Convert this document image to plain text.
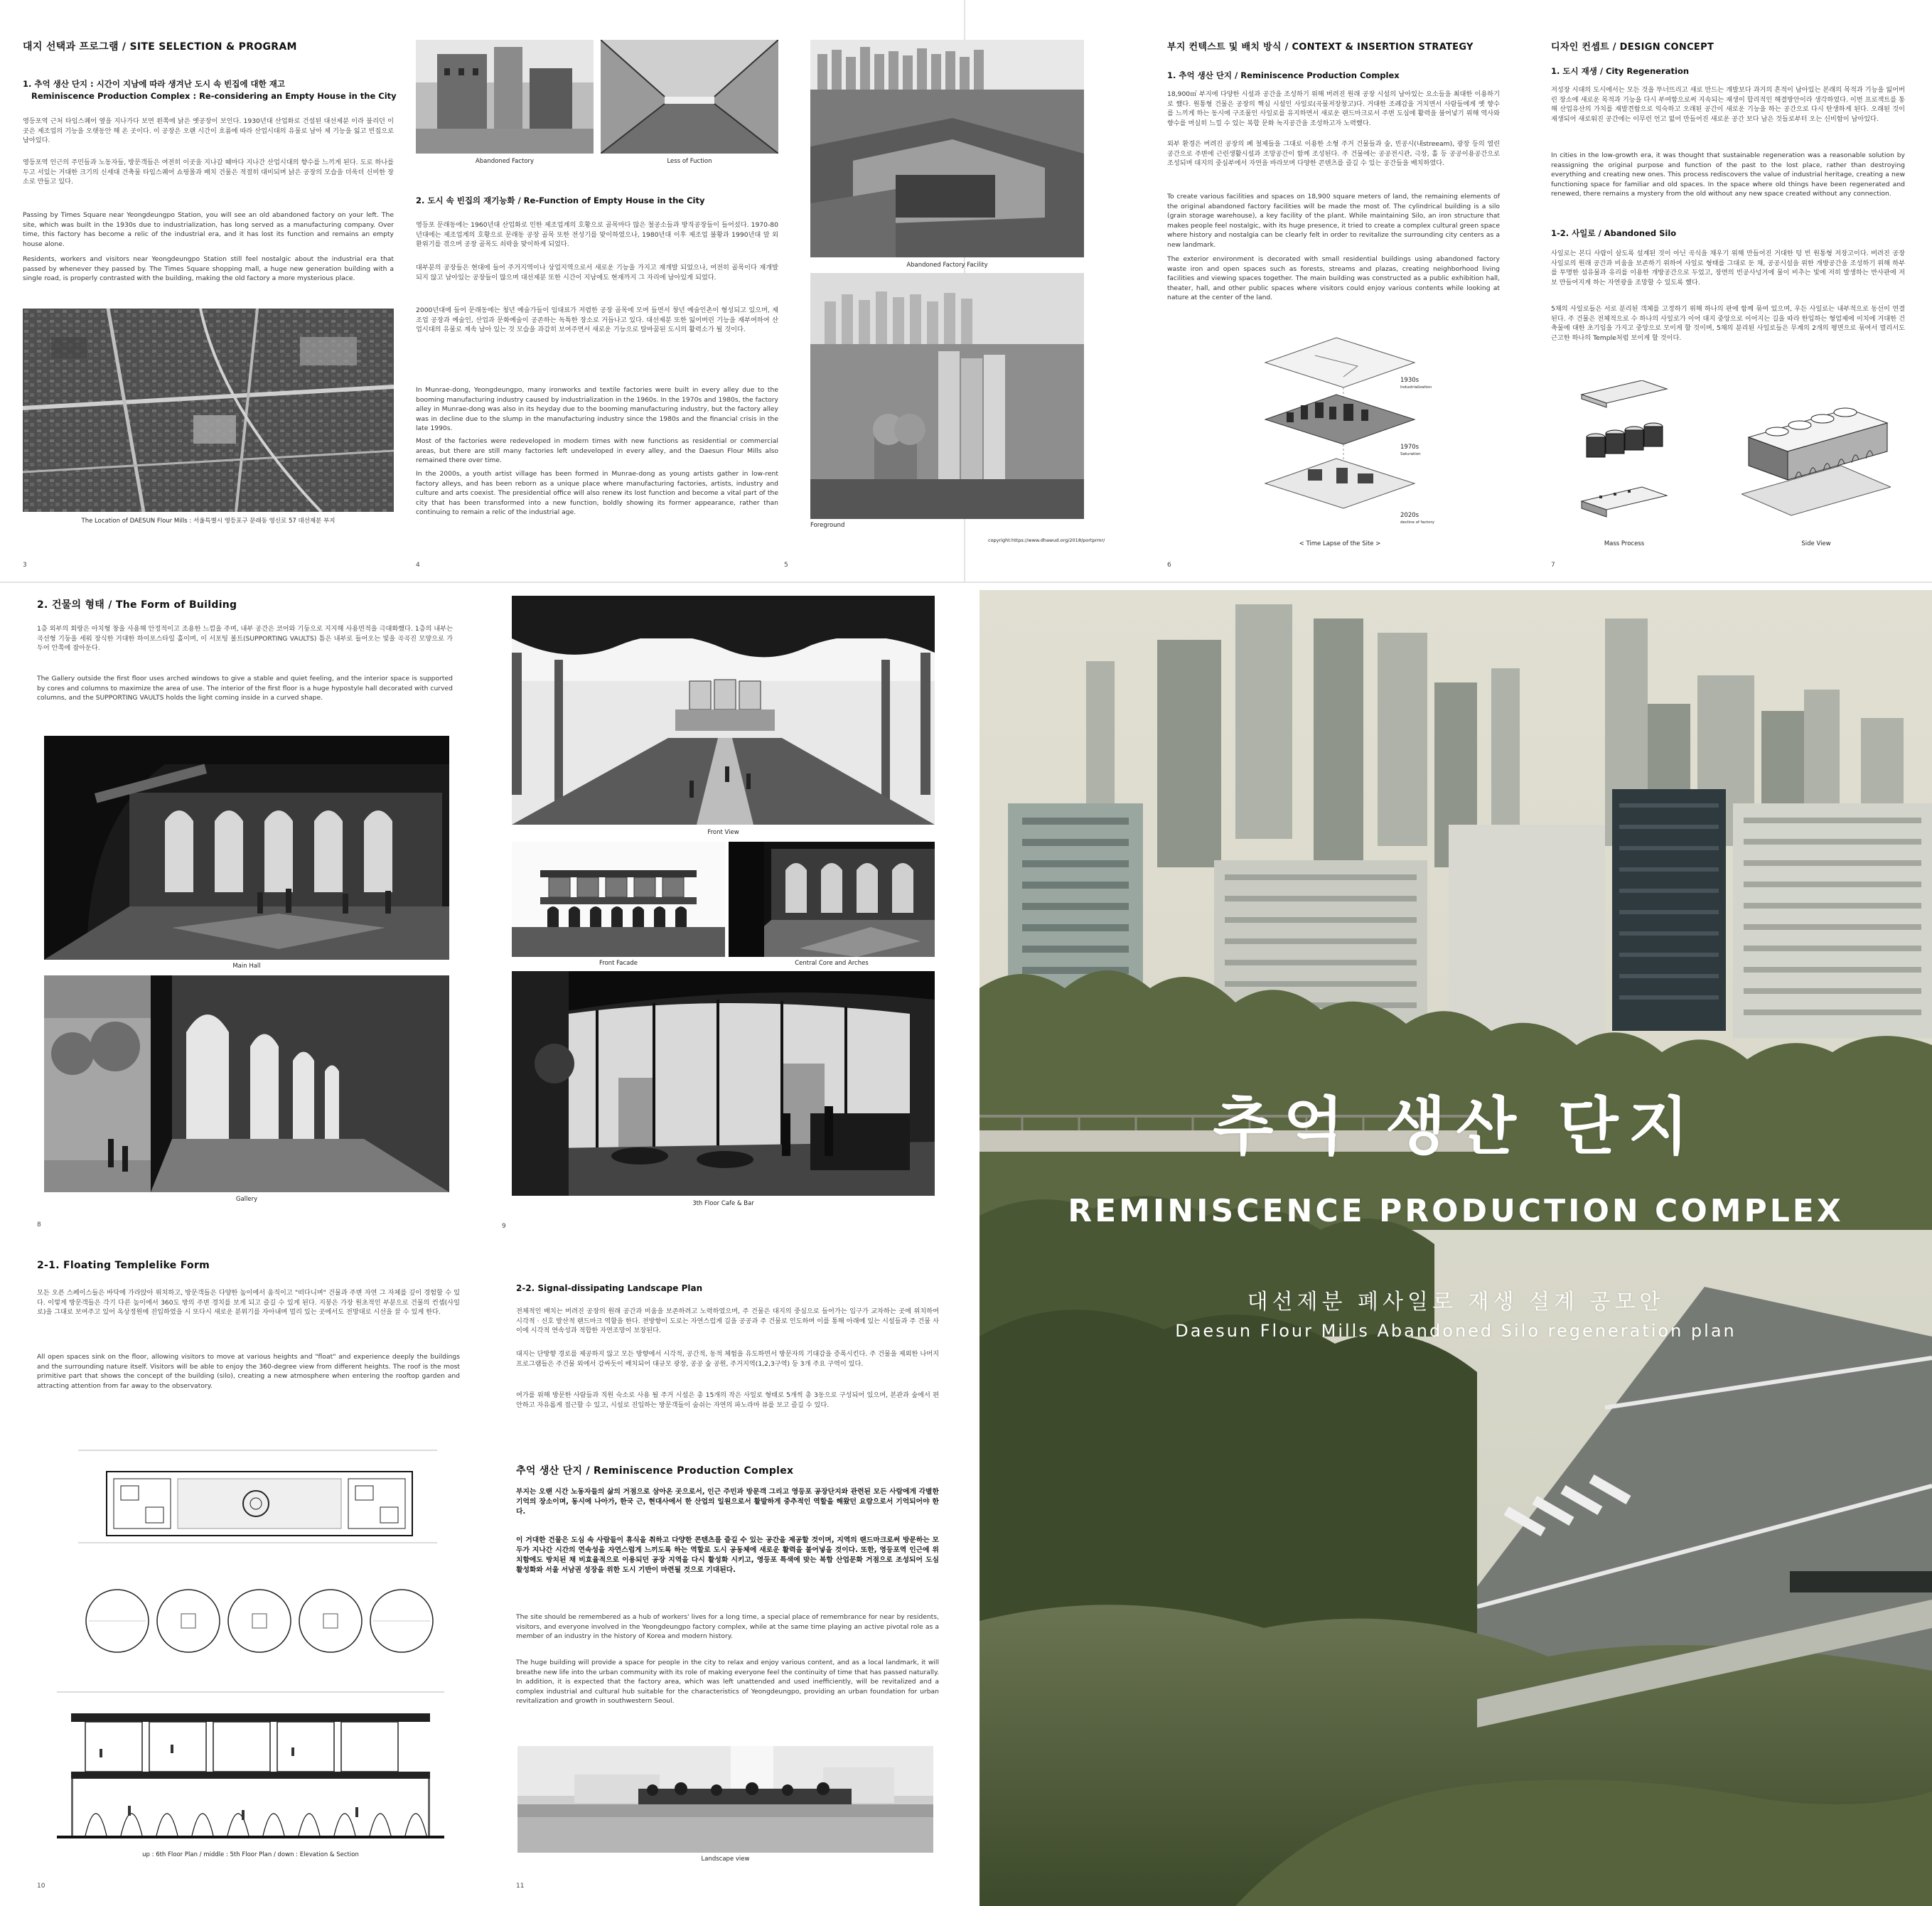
대지 선택과 프로그램 / SITE SELECTION & PROGRAM
1. 추억 생산 단지 : 시간이 지남에 따라 생겨난 도시 속 빈집에 대한 재고
Reminiscence Production Complex : Re-considering an Empty House in the City
영등포역 근처 타임스퀘어 옆을 지나가다 보면 왼쪽에 낡은 옛공장이 보인다. 1930년대 산업화로 건설된 대선제분 이라 불리던 이곳은 제조업의 기능을 오랫동안 해 온 곳이다. 이 공장은 오랜 시간이 흐름에 따라 산업시대의 유물로 남아 제 기능을 잃고 빈집으로 남아있다.
영등포역 인근의 주민들과 노동자들, 방문객들은 여전히 이곳을 지나갈 때마다 지나간 산업시대의 향수를 느끼게 된다. 도로 하나를 두고 서있는 거대한 크기의 신세대 건축물 타임스퀘어 쇼핑몰과 배치 건물은 적절히 대비되며 낡은 공장의 모습을 더욱더 신비한 장소로 만들고 있다.
Passing by Times Square near Yeongdeungpo Station, you will see an old abandoned factory on your left. The site, which was built in the 1930s due to industrialization, has long served as a manufacturing company. Over time, this factory has become a relic of the industrial era, and it has lost its function and remains an empty house alone.
Residents, workers and visitors near Yeongdeungpo Station still feel nostalgic about the industrial era that passed by whenever they passed by. The Times Square shopping mall, a huge new generation building with a single road, is properly contrasted with the building, making the old factory a more mysterious place.
The Location of DAESUN Flour Mills : 서울특별시 영등포구 문래동 영신로 57 대선제분 부지
3
Abandoned Factory	Less of Fuction
2. 도시 속 빈집의 재기능화 / Re-Function of Empty House in the City
영등포 문래동에는 1960년대 산업화로 인한 제조업계의 호황으로 골목마다 많은 철공소들과 방직공장들이 들어섰다. 1970-80년대에는 제조업계의 호황으로 문래동 공장 골목 또한 전성기를 맞이하였으나, 1980년대 이후 제조업 불황과 1990년대 말 외환위기를 겪으며 공장 골목도 쇠락을 맞이하게 되었다.
대부분의 공장들은 현대에 들어 주거지역이나 상업지역으로서 새로운 기능을 가지고 재개발 되었으나, 여전히 골목이다 재개발되지 않고 남아있는 공장들이 많으며 대선제분 또한 시간이 지남에도 현재까지 그 자리에 남아있게 되었다.
2000년대에 들어 문래동에는 청년 예술가들이 임대료가 저렴한 공장 골목에 모여 들면서 창년 예술인촌이 형성되고 있으며, 제조업 공장과 예술인, 산업과 문화예술이 공존하는 독특한 장소로 거듭나고 있다. 대선제분 또한 잃어버린 기능을 재부여하여 산업시대의 유물로 계속 남아 있는 것 모습을 과감히 보여주면서 새로운 기능으로 탈바꿈된 도시의 활력소가 될 것이다.
In Munrae-dong, Yeongdeungpo, many ironworks and textile factories were built in every alley due to the booming manufacturing industry caused by industrialization in the 1960s. In the 1970s and 1980s, the factory alley in Munrae-dong was also in its heyday due to the booming manufacturing industry, but the factory alley was in decline due to the slump in the manufacturing industry since the 1980s and the financial crisis in the late 1990s.
Most of the factories were redeveloped in modern times with new functions as residential or commercial areas, but there are still many factories left undeveloped in every alley, and the Daesun Flour Mills also remained there over time.
In the 2000s, a youth artist village has been formed in Munrae-dong as young artists gather in low-rent factory alleys, and has been reborn as a unique place where manufacturing factories, artists, industry and culture and arts coexist. The presidential office will also renew its lost function and become a vital part of the city that has been transformed into a new function, boldly showing its former appearance, rather than continuing to remain a relic of the industrial age.
4
Abandoned Factory Facility
Foreground
copyright:https://www.dhawud.org/2018/portprmr/
5
부지 컨텍스트 및 배치 방식 / CONTEXT & INSERTION STRATEGY
1. 추억 생산 단지 / Reminiscence Production Complex
18,900㎡ 부지에 다양한 시설과 공간을 조성하기 위해 버려진 원래 공장 시설의 남아있는 요소들을 최대한 이용하기로 했다. 원통형 건물은 공장의 핵심 시설인 사일로(곡물저장창고)다. 거대한 조례감을 거치면서 사람들에게 옛 향수를 느끼게 하는 동시에 구조물인 사일로를 유지하면서 새로운 랜드마크로서 주변 도심에 활력을 불어넣기 위해 역사와 향수를 머실히 느낄 수 있는 복합 문화 녹지공간을 조성하고자 노력했다.
외부 환경은 버려진 공장의 폐 철제들을 그대로 이용한 소형 주거 건물들과 숲, 빈공시(내streeam), 광장 등의 열린 공간으로 주변에 근린생활시설과 조망공간이 함께 조성된다. 주 건물에는 공공전시관, 극장, 홀 등 공공이용공간으로 조성되며 대지의 중심부에서 자연을 바라보며 다양한 콘텐츠를 즐길 수 있는 공간들을 배치하였다.
To create various facilities and spaces on 18,900 square meters of land, the remaining elements of the original abandoned factory facilities will be made the most of. The cylindrical building is a silo (grain storage warehouse), a key facility of the plant. While maintaining Silo, an iron structure that makes people feel nostalgic, with its huge presence, it tried to create a complex cultural green space where history and nostalgia can be clearly felt in order to revitalize the surrounding city centers as a new landmark.
The exterior environment is decorated with small residential buildings using abandoned factory waste iron and open spaces such as forests, streams and plazas, creating neighborhood living facilities and viewing spaces together. The main building was constructed as a public exhibition hall, theater, hall, and other public spaces where visitors could enjoy various contents while looking at nature at the center of the land.
1930s
Industrialization
1970s
Saturation
2020s
decline of factory
< Time Lapse of the Site >
6
디자인 컨셉트 / DESIGN CONCEPT
1. 도시 재생 / City Regeneration
저성장 시대의 도시에서는 모든 것을 뚜너뜨리고 새로 만드는 개발보다 과거의 흔적이 남아있는 본래의 목적과 기능을 잃어버린 장소에 새로운 목적과 기능을 다시 부여함으로써 지속되는 재생이 합리적인 해결방안이라 생각하였다. 이번 프로젝트를 통해 산업유산의 가치를 재발견함으로 익숙하고 오래된 공간이 새로운 기능을 하는 공간으로 다시 탄생하게 된다. 오래된 것이 재생되어 새로워진 공간에는 이무런 언고 없어 만들어진 새로운 공간 보다 남은 것들로부터 오는 신비함이 남아있다.
In cities in the low-growth era, it was thought that sustainable regeneration was a reasonable solution by reassigning the original purpose and function of the past to the lost place, rather than destroying everything and creating new ones. This process rediscovers the value of industrial heritage, creating a new functioning space for familiar and old spaces. In the space where old things have been regenerated and renewed, there remains a mystery from the old without any new space created without any connection.
1-2. 사일로 / Abandoned Silo
사일로는 본디 사람이 살도록 설계된 것이 아닌 곡식을 채우기 위해 만들어진 거대한 텅 빈 원통형 저장고이다. 버려진 공장 사일로의 원래 공간과 비움을 보존하기 위하여 사일로 형태를 그대로 둔 채, 공공시설을 위한 개방공간을 조성하기 위해 하부를 투명한 섬유물과 유리를 이용한 개방공간으로 두었고, 장면의 빈공사넝거에 물이 비추는 빛에 저히 발생하는 반사판에 저보 만들어지게 하는 자연광을 조망할 수 있도록 했다.
5채의 사일로들은 서로 분리된 객체를 고정하기 위해 하나의 판에 함께 묶여 있으며, 우든 사일로는 내부적으로 동선이 연결된다. 주 건물은 전체적으로 수 하나의 사일로가 이어 대지 중앙으로 이어지는 길을 따라 한입하는 형엄제에 이치에 거대한 건축물에 대한 초기임을 가지고 중앙으로 모이게 할 것이며, 5채의 분리된 사일로들은 무계의 2개의 평면으로 묶여서 멀리서도 근고한 하나의 Temple처럼 보이게 할 것이다.
Mass Process	Side View
7
2. 건물의 형태 / The Form of Building
1층 외부의 회랑은 아치형 창을 사용해 안정적이고 조용한 느낌을 주며, 내부 공간은 코어와 기둥으로 지지해 사용면적을 극대화했다. 1층의 내부는 곡선형 기둥을 세워 장식한 거대한 하이포스타일 홀이며, 이 서포팅 볼트(SUPPORTING VAULTS) 틈은 내부로 들어오는 빛을 곡곡진 모양으로 가두어 안쪽에 잡아둔다.
The Gallery outside the first floor uses arched windows to give a stable and quiet feeling, and the interior space is supported by cores and columns to maximize the area of use. The interior of the first floor is a huge hypostyle hall decorated with curved columns, and the SUPPORTING VAULTS holds the light coming inside in a curved shape.
Main Hall
Gallery
8
Front View
Front Facade	Central Core and Arches
3th Floor Cafe & Bar
9
2-1. Floating Templelike Form
모든 오픈 스페이스들은 바닥에 가라앉아 위치하고, 방문객들은 다양한 높이에서 움직이고 "떠다니며" 건물과 주변 자연 그 자체를 깊이 경험할 수 있다. 이렇게 방문객들은 각기 다른 높이에서 360도 방의 주변 경치를 보게 되고 즐길 수 있게 된다. 지붕은 가장 원초적인 부분으로 건물의 컨셉(사일로)을 그대로 보여주고 있어 옥상정원에 진입하였을 시 또다시 새로운 분위기를 자아내며 멀리 있는 곳에서도 전망대로 시선을 끌 수 있게 한다.
All open spaces sink on the floor, allowing visitors to move at various heights and "float" and experience deeply the buildings and the surrounding nature itself. Visitors will be able to enjoy the 360-degree view from different heights. The roof is the most primitive part that shows the concept of the building (silo), creating a new atmosphere when entering the rooftop garden and attracting attention from far away to the observatory.
up : 6th Floor Plan / middle : 5th Floor Plan / down : Elevation & Section
10
2-2. Signal-dissipating Landscape Plan
전체적인 배치는 버려진 공장의 원래 공간과 비움을 보존하려고 노력하였으며, 주 건물은 대지의 중심으로 들어가는 입구가 교차하는 곳에 위치하여 시각적 · 신호 발산적 랜드마크 역할을 한다. 전방향이 도로는 자연스럽게 길을 공공과 주 건물로 인도하며 이를 통해 아래에 있는 시설들과 주 건물 사이에 시각적 연속성과 적합한 자연조망이 보장된다.
대지는 단방향 경로를 제공하지 않고 모든 방향에서 시각적, 공간적, 동적 체험을 유도하면서 방문자의 기대감을 증폭시킨다. 주 건물을 제외한 나머지 프로그램들은 주건물 외에서 감싸듯이 배치되어 대규모 광장, 공공 숲 공원, 주거지역(1,2,3구역) 등 3개 주요 구역이 있다.
여가를 위해 방문한 사람들과 직원 숙소로 사용 될 주거 시설은 총 15개의 작은 사일로 형태로 5개씩 총 3동으로 구성되어 있으며, 본관과 숲에서 편안하고 자유롭게 접근할 수 있고, 시설로 진입하는 방문객들이 숨쉬는 자연의 파노라마 뷰를 보고 즐길 수 있다.
추억 생산 단지 / Reminiscence Production Complex
부지는 오랜 시간 노동자들의 삶의 거점으로 삼아온 곳으로서, 인근 주민과 방문객 그리고 영등포 공장단지와 관련된 모든 사람에게 각별한 기억의 장소이며, 동시에 나아가, 한국 근, 현대사에서 한 산업의 일원으로서 활발하게 중추적인 역할을 해왔던 요람으로서 기억되어야 한다.
이 거대한 건물은 도심 속 사람들이 휴식을 취하고 다양한 콘텐츠를 즐길 수 있는 공간을 제공할 것이며, 지역의 랜드마크로써 방문하는 모두가 지나간 시간의 연속성을 자연스럽게 느끼도록 하는 역할로 도시 공동체에 새로운 활력을 불어넣을 것이다. 또한, 영등포역 인근에 위치함에도 방치된 채 비효율적으로 이용되던 공장 지역을 다시 활성화 시키고, 영등포 특색에 맞는 복합 산업문화 거점으로 조성되어 도심 활성화와 서울 서남권 성장을 위한 도시 기반이 마련될 것으로 기대된다.
The site should be remembered as a hub of workers' lives for a long time, a special place of remembrance for near by residents, visitors, and everyone involved in the Yeongdeungpo factory complex, while at the same time playing an active pivotal role as a member of an industry in the history of Korea and modern history.
The huge building will provide a space for people in the city to relax and enjoy various content, and as a local landmark, it will breathe new life into the urban community with its role of making everyone feel the continuity of time that has passed naturally. In addition, it is expected that the factory area, which was left unattended and used inefficiently, will be revitalized and a complex industrial and cultural hub suitable for the characteristics of Yeongdeungpo, providing an urban foundation for urban revitalization and growth in southwestern Seoul.
Landscape view
11
추억 생산 단지
REMINISCENCE PRODUCTION COMPLEX
대선제분 폐사일로 재생 설계 공모안
Daesun Flour Mills Abandoned Silo regeneration plan
